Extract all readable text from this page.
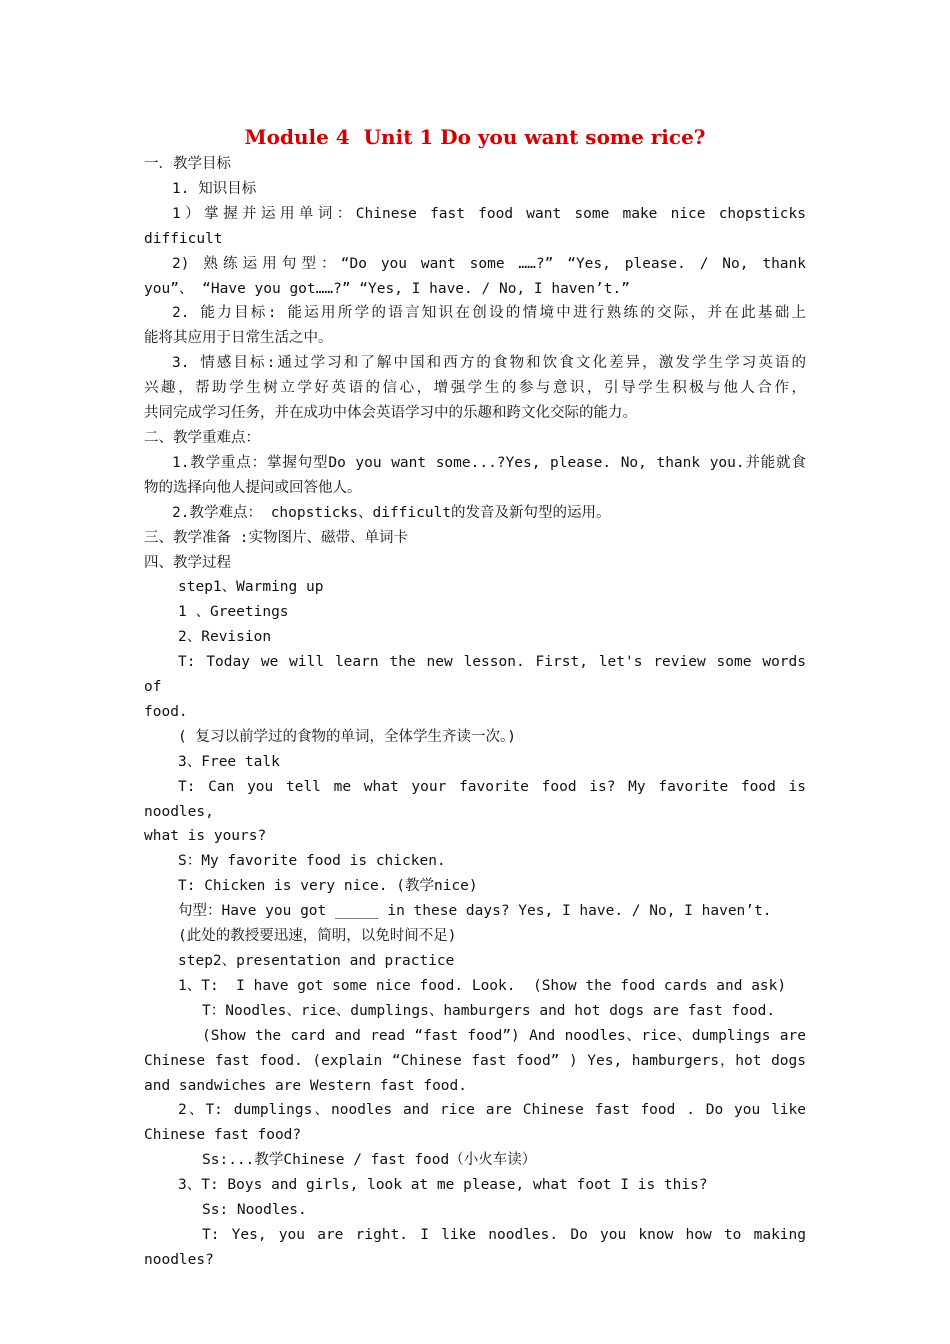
Module 4  Unit 1 Do you want some rice?

一．教学目标

1. 知识目标

1）掌握并运用单词：Chinese fast food want some make nice chopsticks

difficult

2) 熟练运用句型：“Do you want some ……?” “Yes, please. / No, thank

you”、 “Have you got……?” “Yes, I have. / No, I haven’t.”

2. 能力目标: 能运用所学的语言知识在创设的情境中进行熟练的交际，并在此基础上

能将其应用于日常生活之中。

3. 情感目标:通过学习和了解中国和西方的食物和饮食文化差异，激发学生学习英语的

兴趣，帮助学生树立学好英语的信心，增强学生的参与意识，引导学生积极与他人合作，

共同完成学习任务，并在成功中体会英语学习中的乐趣和跨文化交际的能力。

二、教学重难点：

1.教学重点：掌握句型Do you want some...?Yes, please. No, thank you.并能就食

物的选择向他人提问或回答他人。

2.教学难点： chopsticks、difficult的发音及新句型的运用。

三、教学准备 :实物图片、磁带、单词卡

四、教学过程

step1、Warming up

1 、Greetings

2、Revision

T: Today we will learn the new lesson. First, let's review some words of

food.

( 复习以前学过的食物的单词，全体学生齐读一次。)

3、Free talk

T: Can you tell me what your favorite food is? My favorite food is noodles,

what is yours?

S：My favorite food is chicken.

T: Chicken is very nice. (教学nice)

句型：Have you got _____ in these days? Yes, I have. / No, I haven’t.

(此处的教授要迅速，简明，以免时间不足)

step2、presentation and practice

1、T:  I have got some nice food. Look.  (Show the food cards and ask)

T：Noodles、rice、dumplings、hamburgers and hot dogs are fast food.

(Show the card and read “fast food”) And noodles、rice、dumplings are

Chinese fast food. (explain “Chinese fast food” ) Yes, hamburgers，hot dogs

and sandwiches are Western fast food.

2、T: dumplings、noodles and rice are Chinese fast food . Do you like

Chinese fast food?

Ss:...教学Chinese / fast food（小火车读）

3、T: Boys and girls, look at me please, what foot I is this?

Ss: Noodles.

T: Yes, you are right. I like noodles. Do you know how to making

noodles?
